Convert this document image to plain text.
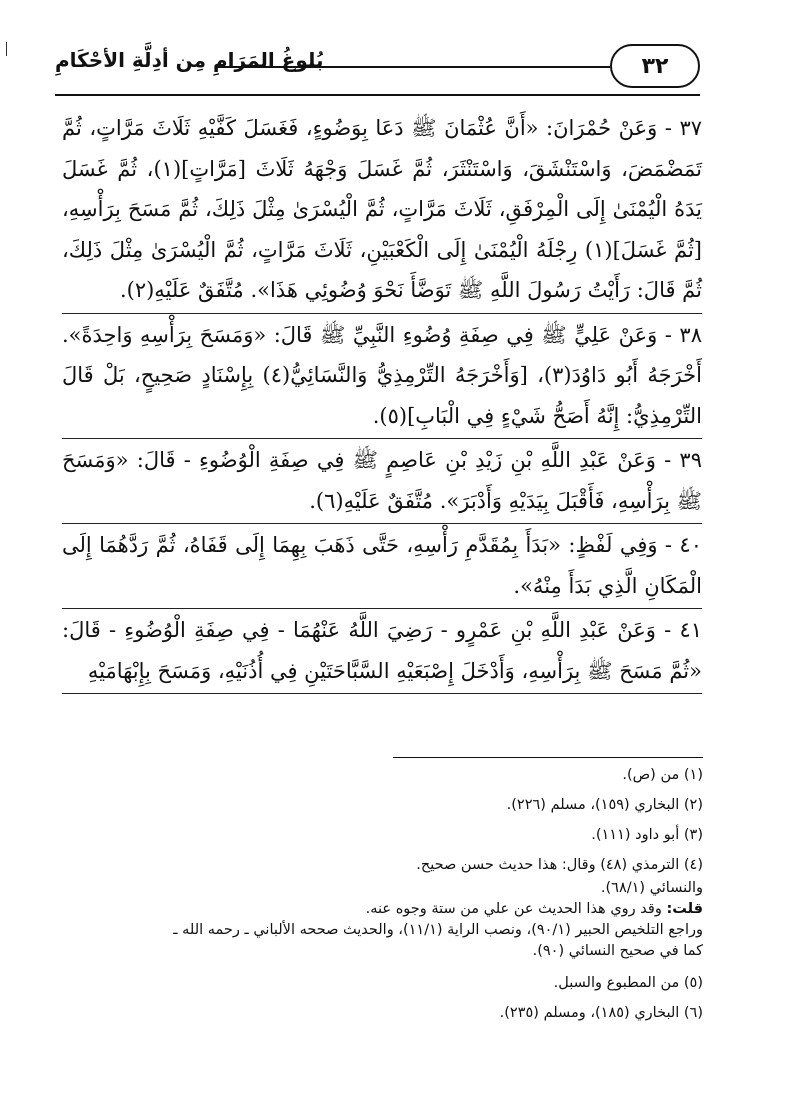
٣٢
بُلوغُ المَرَامِ مِن أدِلَّةِ الأحْكَامِ

٣٧ - وَعَنْ حُمْرَانَ: «أَنَّ عُثْمَانَ ﷺ دَعَا بِوَضُوءٍ، فَغَسَلَ كَفَّيْهِ ثَلَاثَ مَرَّاتٍ، ثُمَّ تَمَضْمَضَ، وَاسْتَنْشَقَ، وَاسْتَنْثَرَ، ثُمَّ غَسَلَ وَجْهَهُ ثَلَاثَ [مَرَّاتٍ](١)، ثُمَّ غَسَلَ يَدَهُ الْيُمْنَىٰ إِلَى الْمِرْفَقِ، ثَلَاثَ مَرَّاتٍ، ثُمَّ الْيُسْرَىٰ مِثْلَ ذَلِكَ، ثُمَّ مَسَحَ بِرَأْسِهِ، [ثُمَّ غَسَلَ](١) رِجْلَهُ الْيُمْنَىٰ إِلَى الْكَعْبَيْنِ، ثَلَاثَ مَرَّاتٍ، ثُمَّ الْيُسْرَىٰ مِثْلَ ذَلِكَ، ثُمَّ قَالَ: رَأَيْتُ رَسُولَ اللَّهِ ﷺ تَوَضَّأَ نَحْوَ وُضُوئِي هَذَا». مُتَّفَقٌ عَلَيْهِ(٢).

٣٨ - وَعَنْ عَلِيٍّ ﷺ فِي صِفَةِ وُضُوءِ النَّبِيِّ ﷺ قَالَ: «وَمَسَحَ بِرَأْسِهِ وَاحِدَةً». أَخْرَجَهُ أَبُو دَاوُدَ(٣)، [وَأَخْرَجَهُ التِّرْمِذِيُّ وَالنَّسَائِيُّ(٤) بِإِسْنَادٍ صَحِيحٍ، بَلْ قَالَ التِّرْمِذِيُّ: إِنَّهُ أَصَحُّ شَيْءٍ فِي الْبَابِ](٥).

٣٩ - وَعَنْ عَبْدِ اللَّهِ بْنِ زَيْدِ بْنِ عَاصِمٍ ﷺ فِي صِفَةِ الْوُضُوءِ - قَالَ: «وَمَسَحَ ﷺ بِرَأْسِهِ، فَأَقْبَلَ بِيَدَيْهِ وَأَدْبَرَ». مُتَّفَقٌ عَلَيْهِ(٦).

٤٠ - وَفِي لَفْظٍ: «بَدَأَ بِمُقَدَّمِ رَأْسِهِ، حَتَّى ذَهَبَ بِهِمَا إِلَى قَفَاهُ، ثُمَّ رَدَّهُمَا إِلَى الْمَكَانِ الَّذِي بَدَأَ مِنْهُ».

٤١ - وَعَنْ عَبْدِ اللَّهِ بْنِ عَمْرٍو - رَضِيَ اللَّهُ عَنْهُمَا - فِي صِفَةِ الْوُضُوءِ - قَالَ: «ثُمَّ مَسَحَ ﷺ بِرَأْسِهِ، وَأَدْخَلَ إِصْبَعَيْهِ السَّبَّاحَتَيْنِ فِي أُذُنَيْهِ، وَمَسَحَ بِإِبْهَامَيْهِ

(١) من (ص).

(٢) البخاري (١٥٩)، مسلم (٢٢٦).

(٣) أبو داود (١١١).

(٤) الترمذي (٤٨) وقال: هذا حديث حسن صحيح.

والنسائي (٦٨/١).

قلت: وقد روي هذا الحديث عن علي من ستة وجوه عنه.

وراجع التلخيص الحبير (٩٠/١)، ونصب الراية (١١/١)، والحديث صححه الألباني ـ رحمه الله ـ

كما في صحيح النسائي (٩٠).

(٥) من المطبوع والسبل.

(٦) البخاري (١٨٥)، ومسلم (٢٣٥).
